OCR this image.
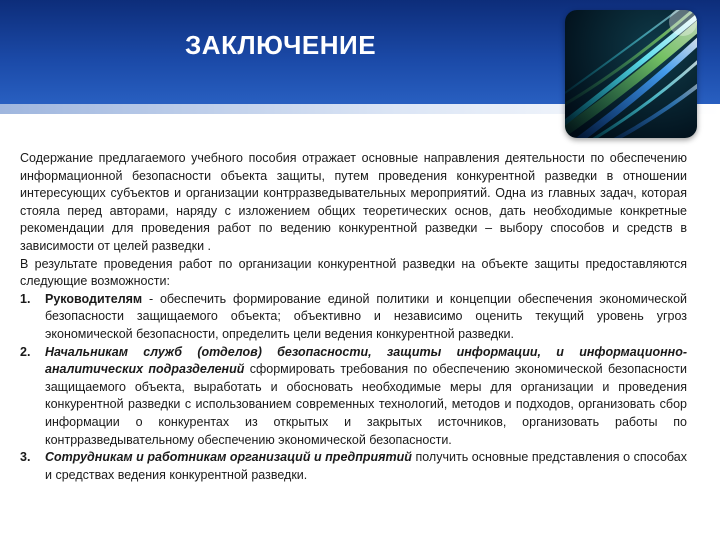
ЗАКЛЮЧЕНИЕ

Содержание предлагаемого учебного пособия отражает основные направления деятельности по обеспечению информационной безопасности объекта защиты, путем проведения конкурентной разведки в отношении интересующих субъектов и организации контрразведывательных мероприятий. Одна из главных задач, которая стояла перед авторами, наряду с изложением общих теоретических основ, дать необходимые конкретные рекомендации для проведения работ по ведению конкурентной разведки – выбору способов и средств в зависимости от целей разведки .

В результате проведения работ по организации конкурентной разведки на объекте защиты предоставляются следующие возможности:

1. Руководителям - обеспечить формирование единой политики и концепции обеспечения экономической безопасности защищаемого объекта; объективно и независимо оценить текущий уровень угроз экономической безопасности, определить цели ведения конкурентной разведки.
2. Начальникам служб (отделов) безопасности, защиты информации, и информационно-аналитических подразделений сформировать требования по обеспечению экономической безопасности защищаемого объекта, выработать и обосновать необходимые меры для организации и проведения конкурентной разведки с использованием современных технологий, методов и подходов, организовать сбор информации о конкурентах из открытых и закрытых источников, организовать работы по контрразведывательному обеспечению экономической безопасности.
3. Сотрудникам и работникам организаций и предприятий получить основные представления о способах и средствах ведения конкурентной разведки.
